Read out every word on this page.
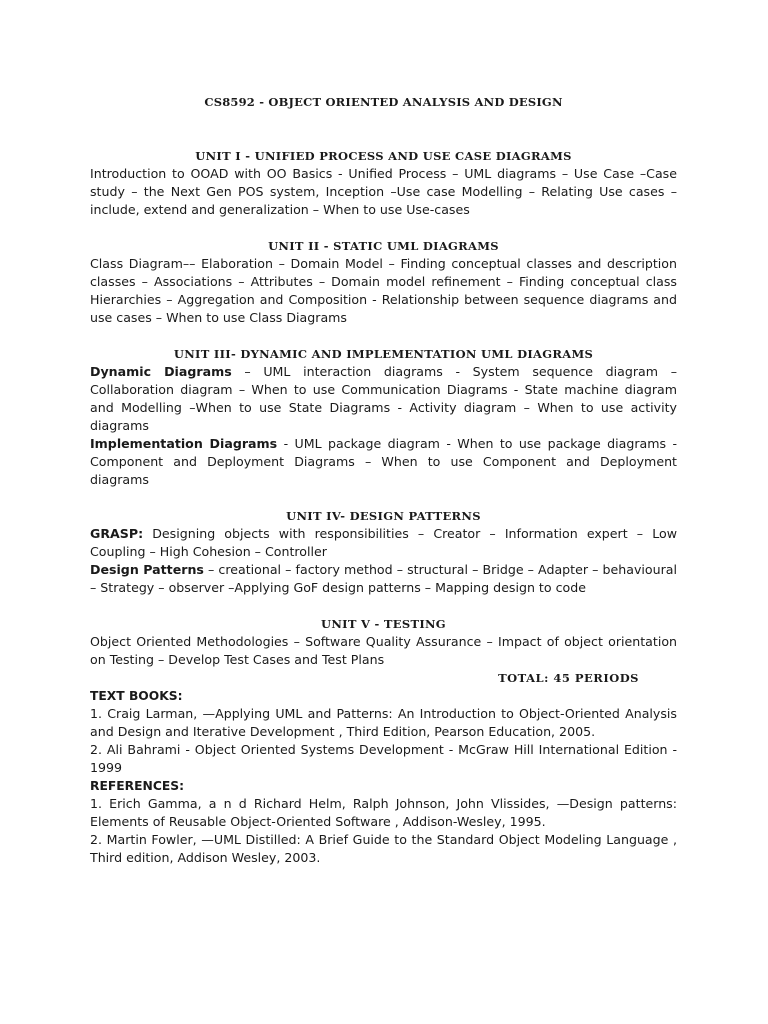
CS8592 - OBJECT ORIENTED ANALYSIS AND DESIGN
UNIT I - UNIFIED PROCESS AND USE CASE DIAGRAMS

Introduction to OOAD with OO Basics - Unified Process – UML diagrams – Use Case –Case study – the Next Gen POS system, Inception –Use case Modelling – Relating Use cases – include, extend and generalization – When to use Use-cases

UNIT II - STATIC UML DIAGRAMS

Class Diagram–– Elaboration – Domain Model – Finding conceptual classes and description classes – Associations – Attributes – Domain model refinement – Finding conceptual class Hierarchies – Aggregation and Composition - Relationship between sequence diagrams and use cases – When to use Class Diagrams

UNIT III- DYNAMIC AND IMPLEMENTATION UML DIAGRAMS

Dynamic Diagrams – UML interaction diagrams - System sequence diagram – Collaboration diagram – When to use Communication Diagrams - State machine diagram and Modelling –When to use State Diagrams - Activity diagram – When to use activity diagrams

Implementation Diagrams - UML package diagram - When to use package diagrams - Component and Deployment Diagrams – When to use Component and Deployment diagrams

UNIT IV- DESIGN PATTERNS

GRASP: Designing objects with responsibilities – Creator – Information expert – Low Coupling – High Cohesion – Controller

Design Patterns – creational – factory method – structural – Bridge – Adapter – behavioural – Strategy – observer –Applying GoF design patterns – Mapping design to code

UNIT V - TESTING

Object Oriented Methodologies – Software Quality Assurance – Impact of object orientation on Testing – Develop Test Cases and Test Plans

TOTAL: 45 PERIODS
TEXT BOOKS:

1. Craig Larman, —Applying UML and Patterns: An Introduction to Object-Oriented Analysis and Design and Iterative Development , Third Edition, Pearson Education, 2005.

2. Ali Bahrami - Object Oriented Systems Development - McGraw Hill International Edition - 1999

REFERENCES:

1. Erich Gamma, a n d Richard Helm, Ralph Johnson, John Vlissides, —Design patterns: Elements of Reusable Object-Oriented Software , Addison-Wesley, 1995.

2. Martin Fowler, —UML Distilled: A Brief Guide to the Standard Object Modeling Language , Third edition, Addison Wesley, 2003.
